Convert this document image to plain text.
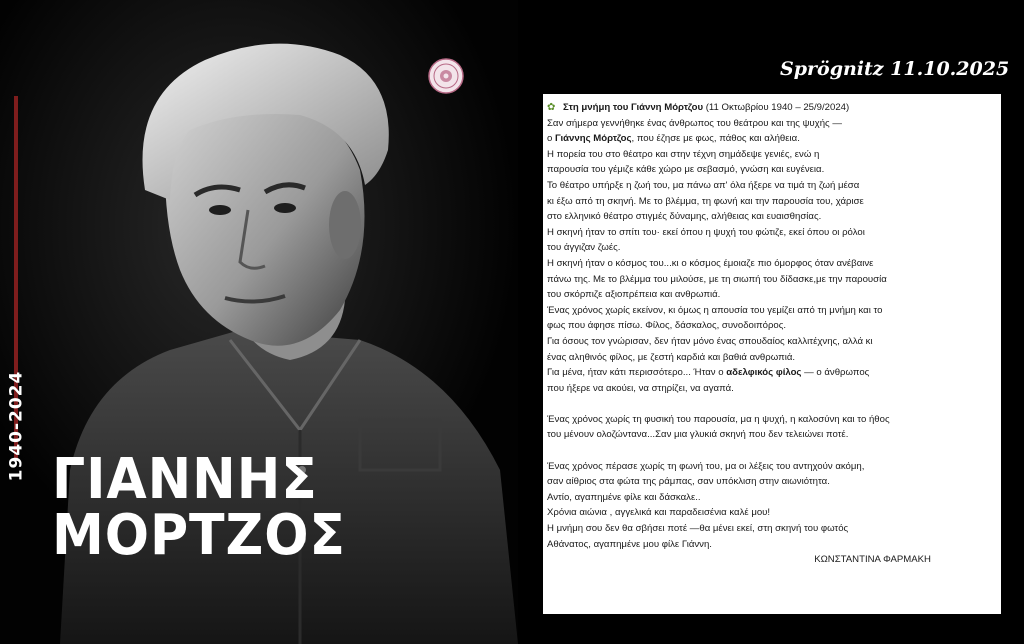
1940-2024 ΓΙΑΝΝΗΣ
ΜΟΡΤΖΟΣ
Sprögnitz 11.10.2025
✿ Στη μνήμη του Γιάννη Μόρτζου (11 Οκτωβρίου 1940 – 25/9/2024)
Σαν σήμερα γεννήθηκε ένας άνθρωπος του θεάτρου και της ψυχής —
ο Γιάννης Μόρτζος, που έζησε με φως, πάθος και αλήθεια.
Η πορεία του στο θέατρο και στην τέχνη σημάδεψε γενιές, ενώ η
παρουσία του γέμιζε κάθε χώρο με σεβασμό, γνώση και ευγένεια.
Το θέατρο υπήρξε η ζωή του, μα πάνω απ' όλα ήξερε να τιμά τη ζωή μέσα
κι έξω από τη σκηνή. Με το βλέμμα, τη φωνή και την παρουσία του, χάρισε
στο ελληνικό θέατρο στιγμές δύναμης, αλήθειας και ευαισθησίας.
Η σκηνή ήταν το σπίτι του· εκεί όπου η ψυχή του φώτιζε, εκεί όπου οι ρόλοι
του άγγιζαν ζωές.
Η σκηνή ήταν ο κόσμος του...κι ο κόσμος έμοιαζε πιο όμορφος όταν ανέβαινε
πάνω της. Με το βλέμμα του μιλούσε, με τη σιωπή του δίδασκε,με την παρουσία
του σκόρπιζε αξιοπρέπεια και ανθρωπιά.
Ένας χρόνος χωρίς εκείνον, κι όμως η απουσία του γεμίζει από τη μνήμη και το
φως που άφησε πίσω. Φίλος, δάσκαλος, συνοδοιπόρος.
Για όσους τον γνώρισαν, δεν ήταν μόνο ένας σπουδαίος καλλιτέχνης, αλλά κι
ένας αληθινός φίλος, με ζεστή καρδιά και βαθιά ανθρωπιά.
Για μένα, ήταν κάτι περισσότερο... Ήταν ο αδελφικός φίλος — ο άνθρωπος
που ήξερε να ακούει, να στηρίζει, να αγαπά.
Ένας χρόνος χωρίς τη φυσική του παρουσία, μα η ψυχή, η καλοσύνη και το ήθος
του μένουν ολοζώντανα...Σαν μια γλυκιά σκηνή που δεν τελειώνει ποτέ.
Ένας χρόνος πέρασε χωρίς τη φωνή του, μα οι λέξεις του αντηχούν ακόμη,
σαν αίθριος στα φώτα της ράμπας, σαν υπόκλιση στην αιωνιότητα.
Αντίο, αγαπημένε φίλε και δάσκαλε..
Χρόνια αιώνια , αγγελικά και παραδεισένια καλέ μου!
Η μνήμη σου δεν θα σβήσει ποτέ —θα μένει εκεί, στη σκηνή του φωτός
Αθάνατος, αγαπημένε μου φίλε Γιάννη.
ΚΩΝΣΤΑΝΤΙΝΑ ΦΑΡΜΑΚΗ
